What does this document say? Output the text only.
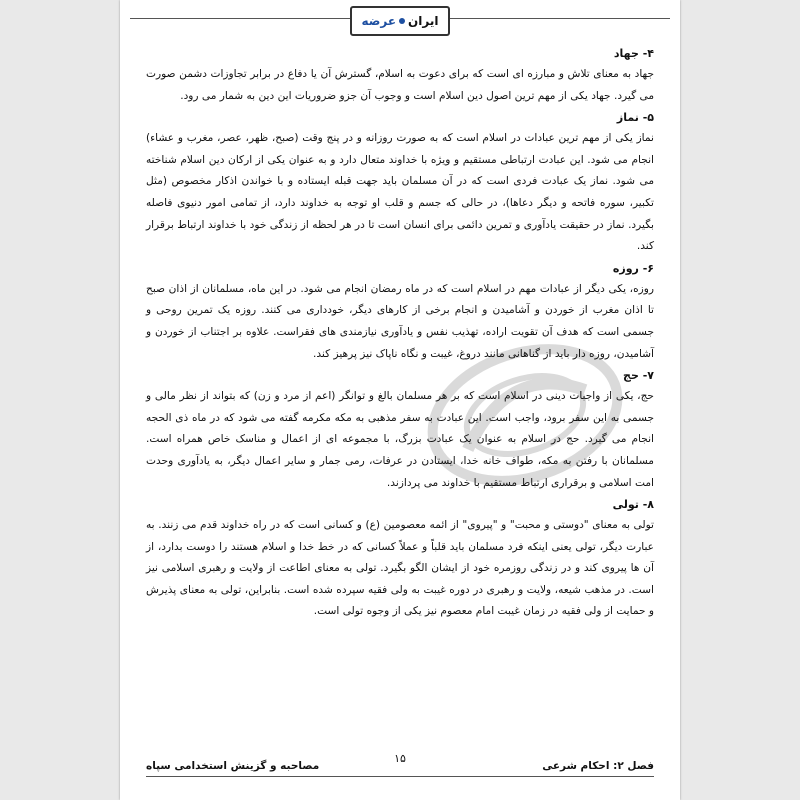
ایران
عرضه
۴- جهاد

جهاد به معنای تلاش و مبارزه ای است که برای دعوت به اسلام، گسترش آن یا دفاع در برابر تجاوزات دشمن صورت می گیرد. جهاد یکی از مهم ترین اصول دین اسلام است و وجوب آن جزو ضروریات این دین به شمار می رود.

۵- نماز

نماز یکی از مهم ترین عبادات در اسلام است که به صورت روزانه و در پنج وقت (صبح، ظهر، عصر، مغرب و عشاء) انجام می شود. این عبادت ارتباطی مستقیم و ویژه با خداوند متعال دارد و به عنوان یکی از ارکان دین اسلام شناخته می شود. نماز یک عبادت فردی است که در آن مسلمان باید جهت قبله ایستاده و با خواندن اذکار مخصوص (مثل تکبیر، سوره فاتحه و دیگر دعاها)، در حالی که جسم و قلب او توجه به خداوند دارد، از تمامی امور دنیوی فاصله بگیرد. نماز در حقیقت یادآوری و تمرین دائمی برای انسان است تا در هر لحظه از زندگی خود با خداوند ارتباط برقرار کند.

۶- روزه

روزه، یکی دیگر از عبادات مهم در اسلام است که در ماه رمضان انجام می شود. در این ماه، مسلمانان از اذان صبح تا اذان مغرب از خوردن و آشامیدن و انجام برخی از کارهای دیگر، خودداری می کنند. روزه یک تمرین روحی و جسمی است که هدف آن تقویت اراده، تهذیب نفس و یادآوری نیازمندی های فقراست. علاوه بر اجتناب از خوردن و آشامیدن، روزه دار باید از گناهانی مانند دروغ، غیبت و نگاه ناپاک نیز پرهیز کند.

۷- حج

حج، یکی از واجبات دینی در اسلام است که بر هر مسلمان بالغ و توانگر (اعم از مرد و زن) که بتواند از نظر مالی و جسمی به این سفر برود، واجب است. این عبادت به سفر مذهبی به مکه مکرمه گفته می شود که در ماه ذی الحجه انجام می گیرد. حج در اسلام به عنوان یک عبادت بزرگ، با مجموعه ای از اعمال و مناسک خاص همراه است. مسلمانان با رفتن به مکه، طواف خانه خدا، ایستادن در عرفات، رمی جمار و سایر اعمال دیگر، به یادآوری وحدت امت اسلامی و برقراری ارتباط مستقیم با خداوند می پردازند.

۸- تولی

تولی به معنای "دوستی و محبت" و "پیروی" از ائمه معصومین (ع) و کسانی است که در راه خداوند قدم می زنند. به عبارت دیگر، تولی یعنی اینکه فرد مسلمان باید قلباً و عملاً کسانی که در خط خدا و اسلام هستند را دوست بدارد، از آن ها پیروی کند و در زندگی روزمره خود از ایشان الگو بگیرد. تولی به معنای اطاعت از ولایت و رهبری اسلامی نیز است. در مذهب شیعه، ولایت و رهبری در دوره غیبت به ولی فقیه سپرده شده است. بنابراین، تولی به معنای پذیرش و حمایت از ولی فقیه در زمان غیبت امام معصوم نیز یکی از وجوه تولی است.

فصل ۲: احکام شرعی
۱۵
مصاحبه و گزینش استخدامی سپاه
